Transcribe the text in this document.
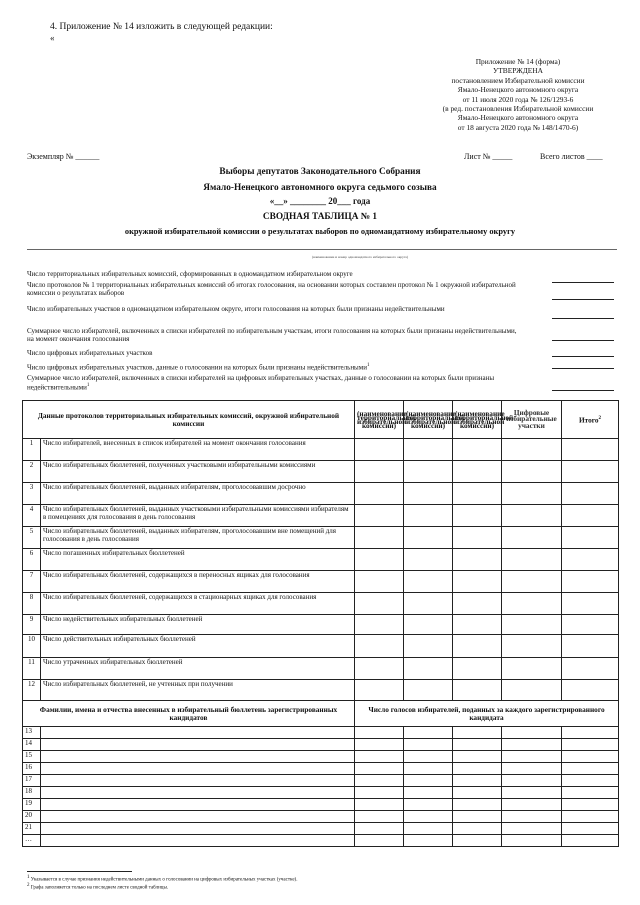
4. Приложение № 14 изложить в следующей редакции:
«
Приложение № 14 (форма)
УТВЕРЖДЕНА
постановлением Избирательной комиссии
Ямало-Ненецкого автономного округа
от 11 июля 2020 года № 126/1293-6
(в ред. постановления Избирательной комиссии
Ямало-Ненецкого автономного округа
от 18 августа 2020 года № 148/1470-6)
Экземпляр № ______	Лист № _____	Всего листов ____
Выборы депутатов Законодательного Собрания
Ямало-Ненецкого автономного округа седьмого созыва
«__» ________ 20___ года
СВОДНАЯ ТАБЛИЦА № 1
окружной избирательной комиссии о результатах выборов по одномандатному избирательному округу
(наименование и номер одномандатного избирательного округа)
Число территориальных избирательных комиссий, сформированных в одномандатном избирательном округе
Число протоколов № 1 территориальных избирательных комиссий об итогах голосования, на основании которых составлен протокол № 1 окружной избирательной комиссии о результатах выборов
Число избирательных участков в одномандатном избирательном округе, итоги голосования на которых были признаны недействительными
Суммарное число избирателей, включенных в списки избирателей по избирательным участкам, итоги голосования на которых были признаны недействительными, на момент окончания голосования
Число цифровых избирательных участков
Число цифровых избирательных участков, данные о голосовании на которых были признаны недействительными$^1$
Суммарное число избирателей, включенных в списки избирателей на цифровых избирательных участках, данные о голосовании на которых были признаны недействительными$^1$
Данные протоколов территориальных избирательных комиссий, окружной избирательной комиссии		(наименование территориальной избирательной комиссии)	(наименование территориальной избирательной комиссии)	(наименование территориальной избирательной комиссии)	Цифровые избирательные участки	Итого$^2$
1	Число избирателей, внесенных в список избирателей на момент окончания голосования					
2	Число избирательных бюллетеней, полученных участковыми избирательными комиссиями					
3	Число избирательных бюллетеней, выданных избирателям, проголосовавшим досрочно					
4	Число избирательных бюллетеней, выданных участковыми избирательными комиссиями избирателям в помещениях для голосования в день голосования					
5	Число избирательных бюллетеней, выданных избирателям, проголосовавшим вне помещений для голосования в день голосования					
6	Число погашенных избирательных бюллетеней					
7	Число избирательных бюллетеней, содержащихся в переносных ящиках для голосования					
8	Число избирательных бюллетеней, содержащихся в стационарных ящиках для голосования					
9	Число недействительных избирательных бюллетеней					
10	Число действительных избирательных бюллетеней					
11	Число утраченных избирательных бюллетеней					
12	Число избирательных бюллетеней, не учтенных при получении					
Фамилии, имена и отчества внесенных в избирательный бюллетень зарегистрированных кандидатов		Число голосов избирателей, поданных за каждого зарегистрированного кандидата				
13						
14						
15						
16						
17						
18						
19						
20						
21						
…						
$^1$ Указывается в случае признания недействительными данных о голосовании на цифровых избирательных участках (участке).
$^2$ Графа заполняется только на последнем листе сводной таблицы.
